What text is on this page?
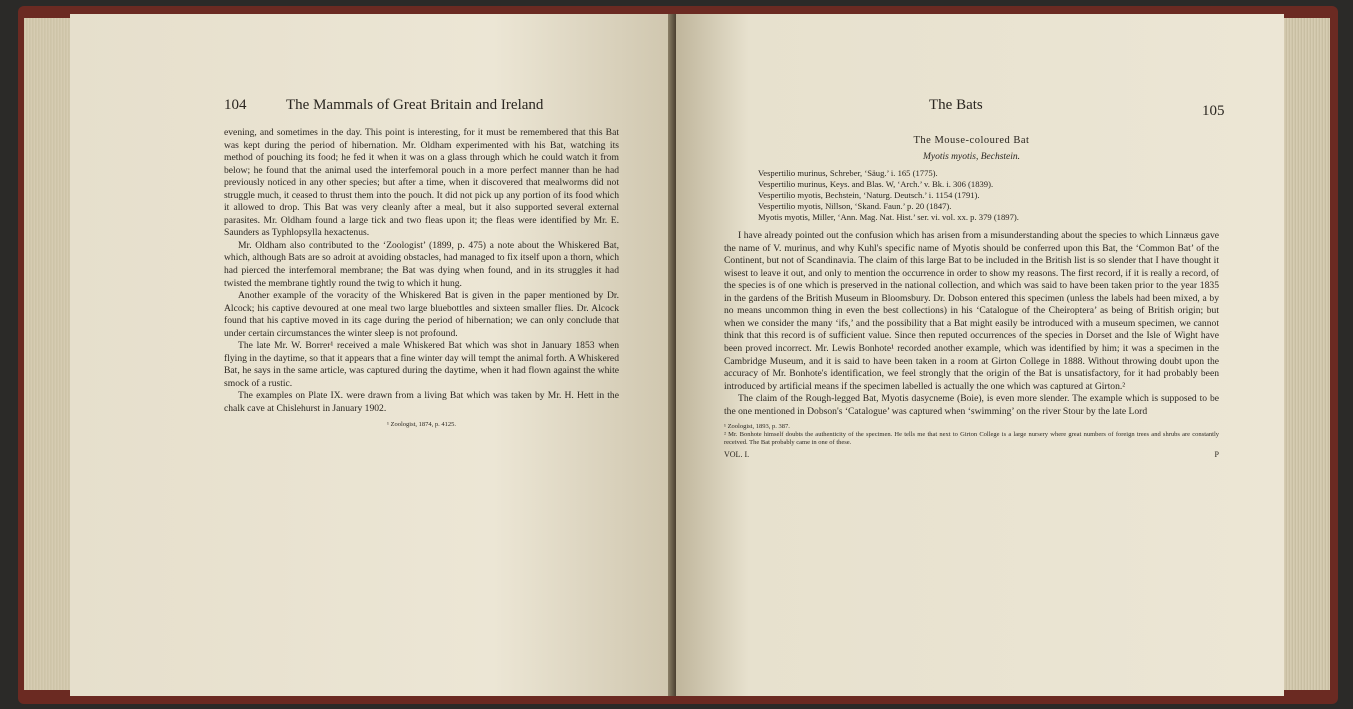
104	The Mammals of Great Britain and Ireland

evening, and sometimes in the day. This point is interesting, for it must be remembered that this Bat was kept during the period of hibernation. Mr. Oldham experimented with his Bat, watching its method of pouching its food; he fed it when it was on a glass through which he could watch it from below; he found that the animal used the interfemoral pouch in a more perfect manner than he had previously noticed in any other species; but after a time, when it discovered that mealworms did not struggle much, it ceased to thrust them into the pouch. It did not pick up any portion of its food which it allowed to drop. This Bat was very cleanly after a meal, but it also supported several external parasites. Mr. Oldham found a large tick and two fleas upon it; the fleas were identified by Mr. E. Saunders as Typhlopsylla hexactenus.

Mr. Oldham also contributed to the ‘Zoologist’ (1899, p. 475) a note about the Whiskered Bat, which, although Bats are so adroit at avoiding obstacles, had managed to fix itself upon a thorn, which had pierced the interfemoral membrane; the Bat was dying when found, and in its struggles it had twisted the membrane tightly round the twig to which it hung.

Another example of the voracity of the Whiskered Bat is given in the paper mentioned by Dr. Alcock; his captive devoured at one meal two large bluebottles and sixteen smaller flies. Dr. Alcock found that his captive moved in its cage during the period of hibernation; we can only conclude that under certain circumstances the winter sleep is not profound.

The late Mr. W. Borrer¹ received a male Whiskered Bat which was shot in January 1853 when flying in the daytime, so that it appears that a fine winter day will tempt the animal forth. A Whiskered Bat, he says in the same article, was captured during the daytime, when it had flown against the white smock of a rustic.

The examples on Plate IX. were drawn from a living Bat which was taken by Mr. H. Hett in the chalk cave at Chislehurst in January 1902.

¹ Zoologist, 1874, p. 4125.
The Bats	105
The Mouse-coloured Bat
Myotis myotis, Bechstein.
Vespertilio murinus, Schreber, ‘Säug.’ i. 165 (1775).
Vespertilio murinus, Keys. and Blas. W, ‘Arch.’ v. Bk. i. 306 (1839).
Vespertilio myotis, Bechstein, ‘Naturg. Deutsch.’ i. 1154 (1791).
Vespertilio myotis, Nillson, ‘Skand. Faun.’ p. 20 (1847).
Myotis myotis, Miller, ‘Ann. Mag. Nat. Hist.’ ser. vi. vol. xx. p. 379 (1897).

I have already pointed out the confusion which has arisen from a misunderstanding about the species to which Linnæus gave the name of V. murinus, and why Kuhl's specific name of Myotis should be conferred upon this Bat, the ‘Common Bat’ of the Continent, but not of Scandinavia. The claim of this large Bat to be included in the British list is so slender that I have thought it wisest to leave it out, and only to mention the occurrence in order to show my reasons. The first record, if it is really a record, of the species is of one which is preserved in the national collection, and which was said to have been taken prior to the year 1835 in the gardens of the British Museum in Bloomsbury. Dr. Dobson entered this specimen (unless the labels had been mixed, a by no means uncommon thing in even the best collections) in his ‘Catalogue of the Cheiroptera’ as being of British origin; but when we consider the many ‘ifs,’ and the possibility that a Bat might easily be introduced with a museum specimen, we cannot think that this record is of sufficient value. Since then reputed occurrences of the species in Dorset and the Isle of Wight have been proved incorrect. Mr. Lewis Bonhote¹ recorded another example, which was identified by him; it was a specimen in the Cambridge Museum, and it is said to have been taken in a room at Girton College in 1888. Without throwing doubt upon the accuracy of Mr. Bonhote's identification, we feel strongly that the origin of the Bat is unsatisfactory, for it had probably been introduced by artificial means if the specimen labelled is actually the one which was captured at Girton.²

The claim of the Rough-legged Bat, Myotis dasycneme (Boie), is even more slender. The example which is supposed to be the one mentioned in Dobson's ‘Catalogue’ was captured when ‘swimming’ on the river Stour by the late Lord

¹ Zoologist, 1893, p. 387.
² Mr. Bonhote himself doubts the authenticity of the specimen. He tells me that next to Girton College is a large nursery where great numbers of foreign trees and shrubs are constantly received. The Bat probably came in one of these.
VOL. I.	P
